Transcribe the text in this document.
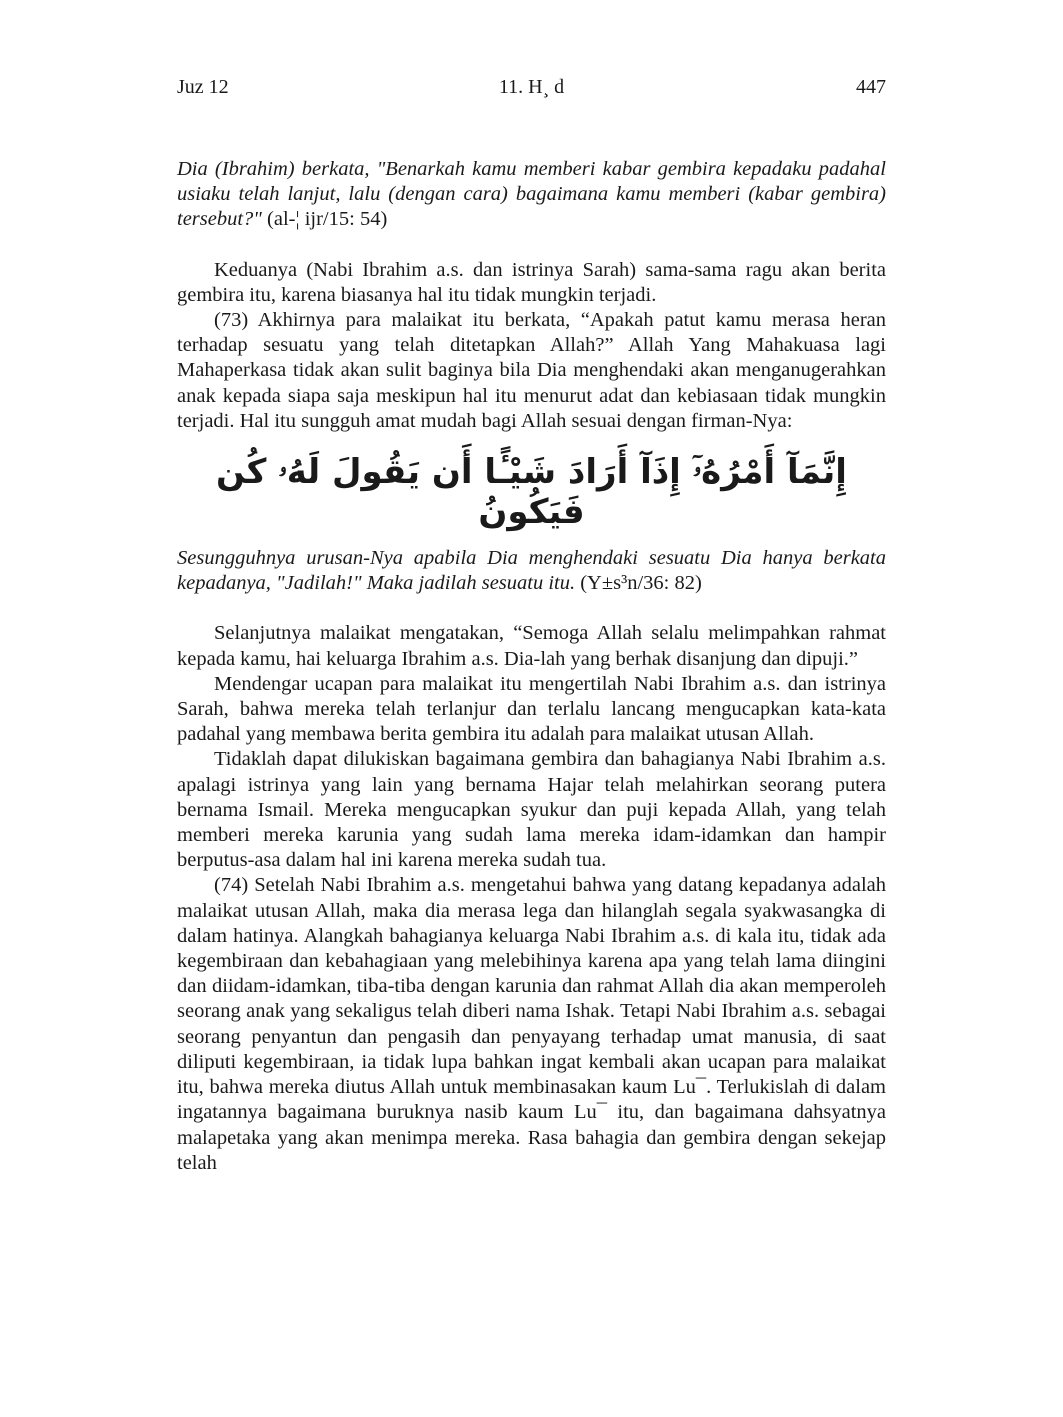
Juz 12	11. H¸ d	447

Dia (Ibrahim) berkata, "Benarkah kamu memberi kabar gembira kepadaku padahal usiaku telah lanjut, lalu (dengan cara) bagaimana kamu memberi (kabar gembira) tersebut?" (al-¦ ijr/15: 54)

Keduanya (Nabi Ibrahim a.s. dan istrinya Sarah) sama-sama ragu akan berita gembira itu, karena biasanya hal itu tidak mungkin terjadi.

(73) Akhirnya para malaikat itu berkata, “Apakah patut kamu merasa heran terhadap sesuatu yang telah ditetapkan Allah?” Allah Yang Mahakuasa lagi Mahaperkasa tidak akan sulit baginya bila Dia menghendaki akan menganugerahkan anak kepada siapa saja meskipun hal itu menurut adat dan kebiasaan tidak mungkin terjadi. Hal itu sungguh amat mudah bagi Allah sesuai dengan firman-Nya:

إِنَّمَآ أَمْرُهُۥٓ إِذَآ أَرَادَ شَيْـًٔا أَن يَقُولَ لَهُۥ كُن فَيَكُونُ

Sesungguhnya urusan-Nya apabila Dia menghendaki sesuatu Dia hanya berkata kepadanya, "Jadilah!" Maka jadilah sesuatu itu. (Y±s³n/36: 82)

Selanjutnya malaikat mengatakan, “Semoga Allah selalu melimpahkan rahmat kepada kamu, hai keluarga Ibrahim a.s. Dia-lah yang berhak disanjung dan dipuji.”

Mendengar ucapan para malaikat itu mengertilah Nabi Ibrahim a.s. dan istrinya Sarah, bahwa mereka telah terlanjur dan terlalu lancang mengucapkan kata-kata padahal yang membawa berita gembira itu adalah para malaikat utusan Allah.

Tidaklah dapat dilukiskan bagaimana gembira dan bahagianya Nabi Ibrahim a.s. apalagi istrinya yang lain yang bernama Hajar telah melahirkan seorang putera bernama Ismail. Mereka mengucapkan syukur dan puji kepada Allah, yang telah memberi mereka karunia yang sudah lama mereka idam-idamkan dan hampir berputus-asa dalam hal ini karena mereka sudah tua.

(74) Setelah Nabi Ibrahim a.s. mengetahui bahwa yang datang kepadanya adalah malaikat utusan Allah, maka dia merasa lega dan hilanglah segala syakwasangka di dalam hatinya. Alangkah bahagianya keluarga Nabi Ibrahim a.s. di kala itu, tidak ada kegembiraan dan kebahagiaan yang melebihinya karena apa yang telah lama diingini dan diidam-idamkan, tiba-tiba dengan karunia dan rahmat Allah dia akan memperoleh seorang anak yang sekaligus telah diberi nama Ishak. Tetapi Nabi Ibrahim a.s. sebagai seorang penyantun dan pengasih dan penyayang terhadap umat manusia, di saat diliputi kegembiraan, ia tidak lupa bahkan ingat kembali akan ucapan para malaikat itu, bahwa mereka diutus Allah untuk membinasakan kaum Lu¯. Terlukislah di dalam ingatannya bagaimana buruknya nasib kaum Lu¯ itu, dan bagaimana dahsyatnya malapetaka yang akan menimpa mereka. Rasa bahagia dan gembira dengan sekejap telah
